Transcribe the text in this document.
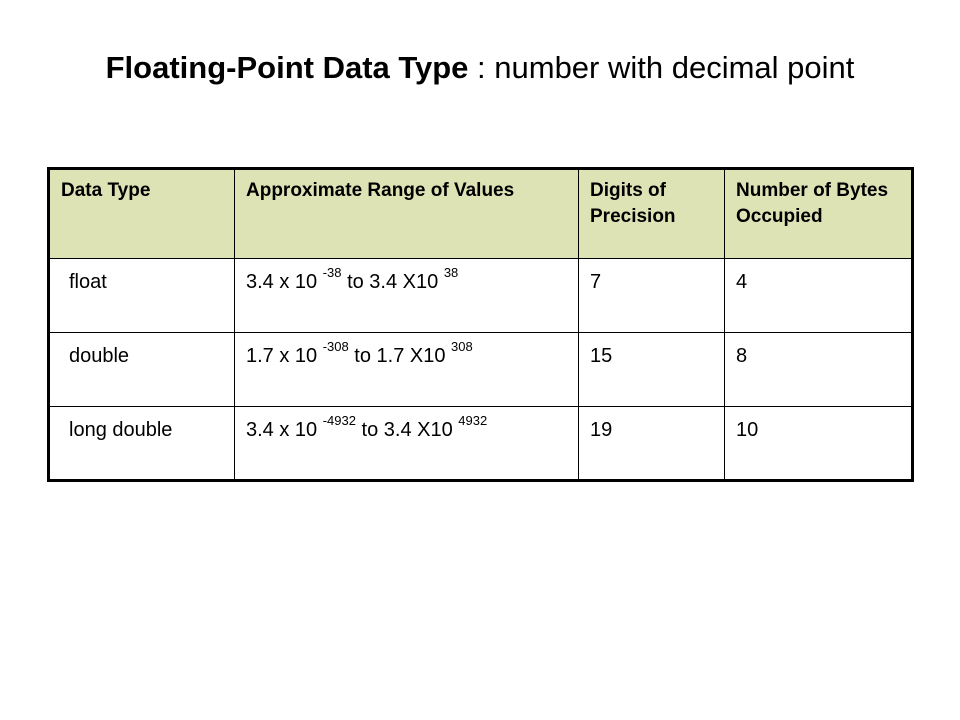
Floating-Point Data Type : number with decimal point
Data Type	Approximate Range of Values	Digits of Precision	Number of Bytes Occupied
float	3.4 x 10 $^{-38}$ to 3.4 X10 $^{38}$	7	4
double	1.7 x 10 $^{-308}$ to 1.7 X10 $^{308}$	15	8
long double	3.4 x 10 $^{-4932}$ to 3.4 X10 $^{4932}$	19	10
